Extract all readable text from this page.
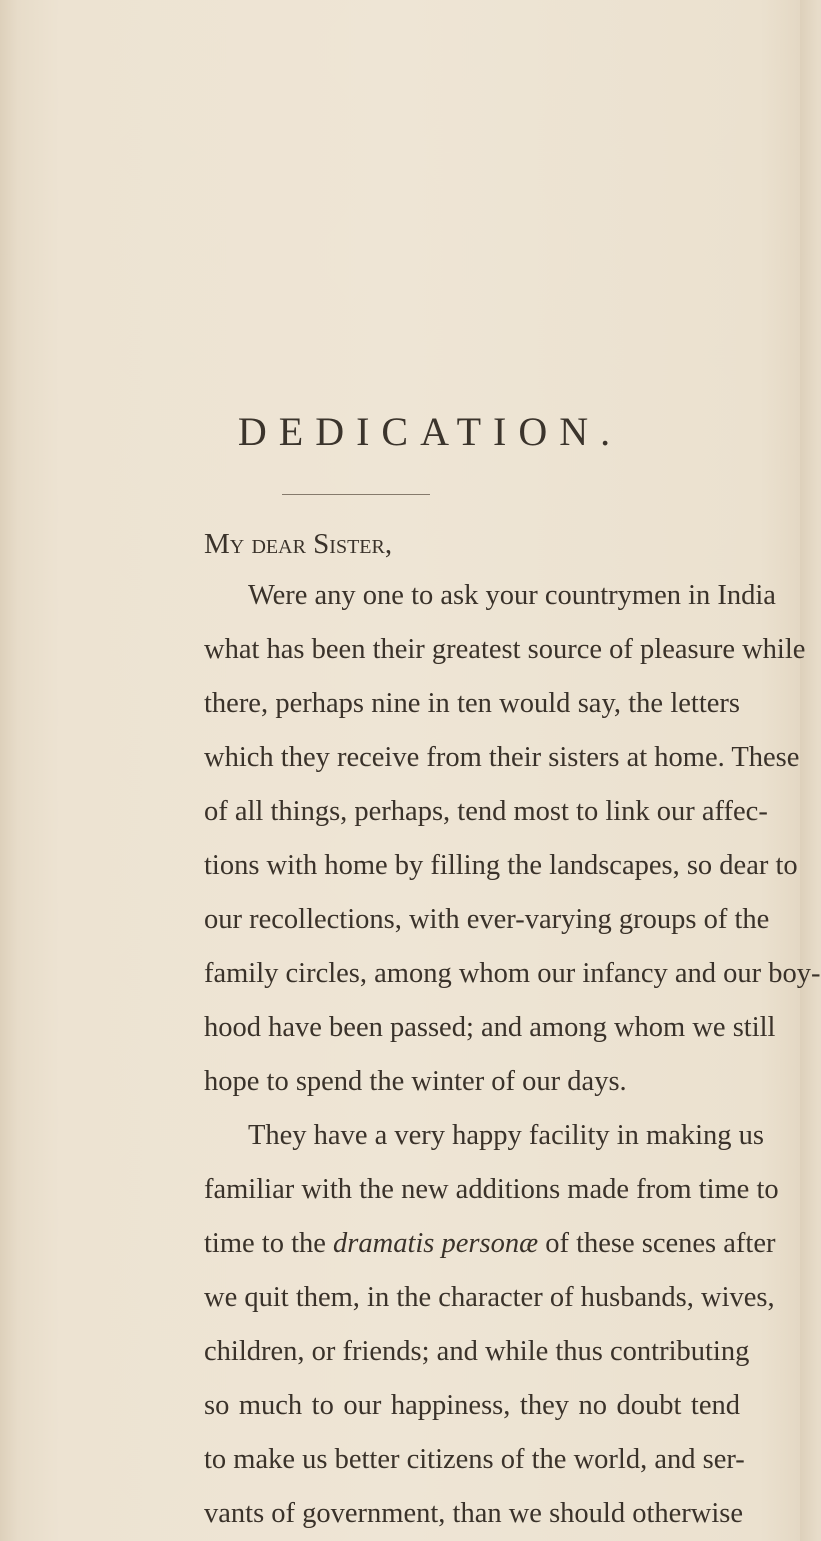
DEDICATION.
My dear Sister,
Were any one to ask your countrymen in India
what has been their greatest source of pleasure while
there, perhaps nine in ten would say, the letters
which they receive from their sisters at home. These
of all things, perhaps, tend most to link our affec-
tions with home by filling the landscapes, so dear to
our recollections, with ever-varying groups of the
family circles, among whom our infancy and our boy-
hood have been passed; and among whom we still
hope to spend the winter of our days.
They have a very happy facility in making us
familiar with the new additions made from time to
time to the dramatis personæ of these scenes after
we quit them, in the character of husbands, wives,
children, or friends; and while thus contributing
so much to our happiness, they no doubt tend
to make us better citizens of the world, and ser-
vants of government, than we should otherwise
